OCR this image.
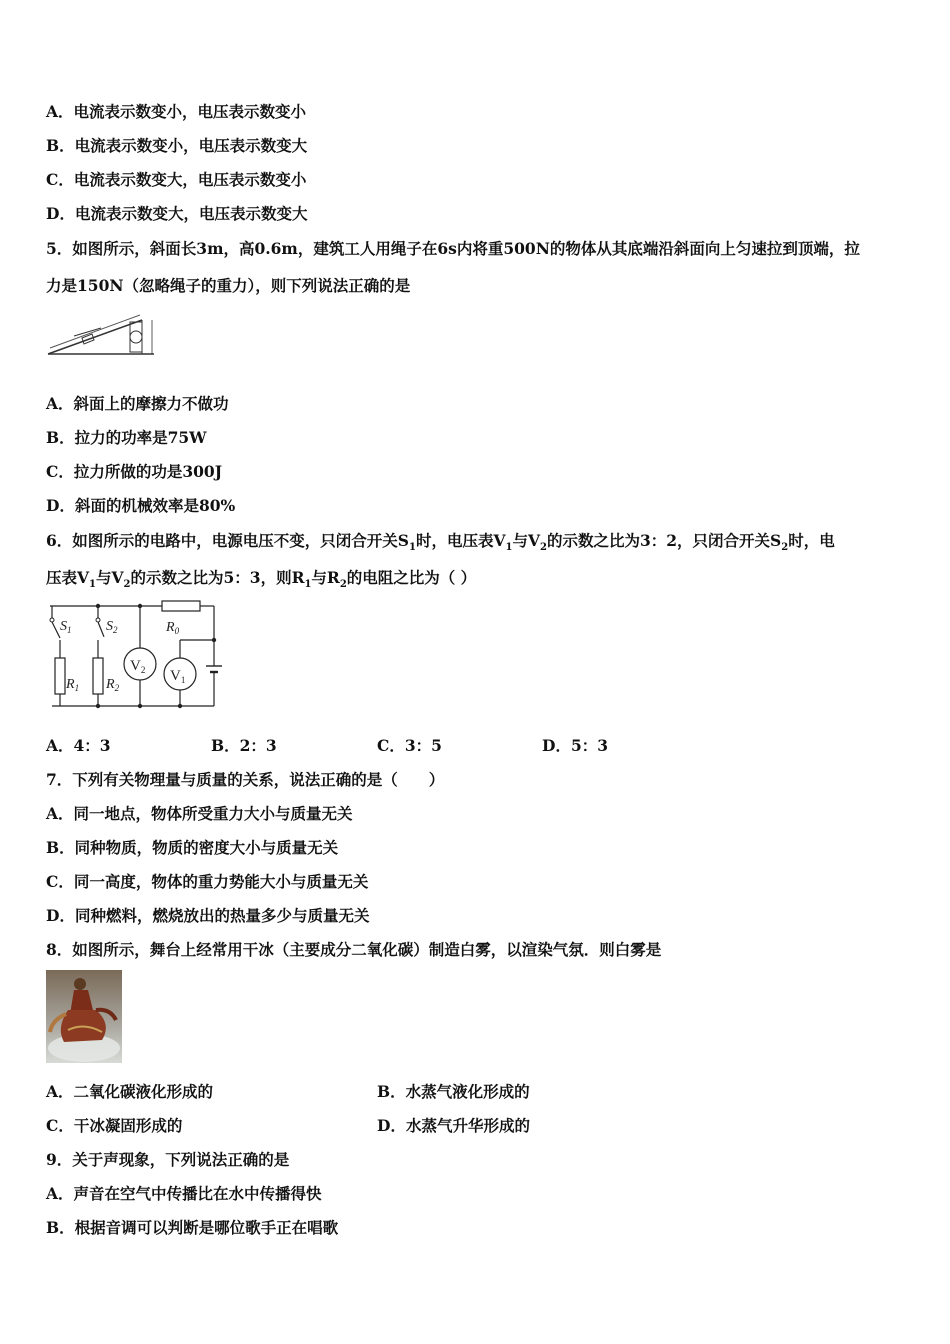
A．电流表示数变小，电压表示数变小
B．电流表示数变小，电压表示数变大
C．电流表示数变大，电压表示数变小
D．电流表示数变大，电压表示数变大
5．如图所示，斜面长3m，高0.6m，建筑工人用绳子在6s内将重500N的物体从其底端沿斜面向上匀速拉到顶端，拉
力是150N（忽略绳子的重力），则下列说法正确的是
A．斜面上的摩擦力不做功
B．拉力的功率是75W
C．拉力所做的功是300J
D．斜面的机械效率是80%
6．如图所示的电路中，电源电压不变，只闭合开关$S_1$时，电压表$V_1$与$V_2$的示数之比为3：2，只闭合开关$S_2$时，电
压表$V_1$与$V_2$的示数之比为5：3，则$R_1$与$R_2$的电阻之比为（ ）
$R_0$
$S_1$
$R_1$
$S_2$
$R_2$
$V_2$ $V_1$
A．4：3	B．2：3	C．3：5	D．5：3
7．下列有关物理量与质量的关系，说法正确的是（　　）
A．同一地点，物体所受重力大小与质量无关
B．同种物质，物质的密度大小与质量无关
C．同一高度，物体的重力势能大小与质量无关
D．同种燃料，燃烧放出的热量多少与质量无关
8．如图所示，舞台上经常用干冰（主要成分二氧化碳）制造白雾，以渲染气氛．则白雾是
A．二氧化碳液化形成的	B．水蒸气液化形成的
C．干冰凝固形成的	D．水蒸气升华形成的
9．关于声现象，下列说法正确的是
A．声音在空气中传播比在水中传播得快
B．根据音调可以判断是哪位歌手正在唱歌
